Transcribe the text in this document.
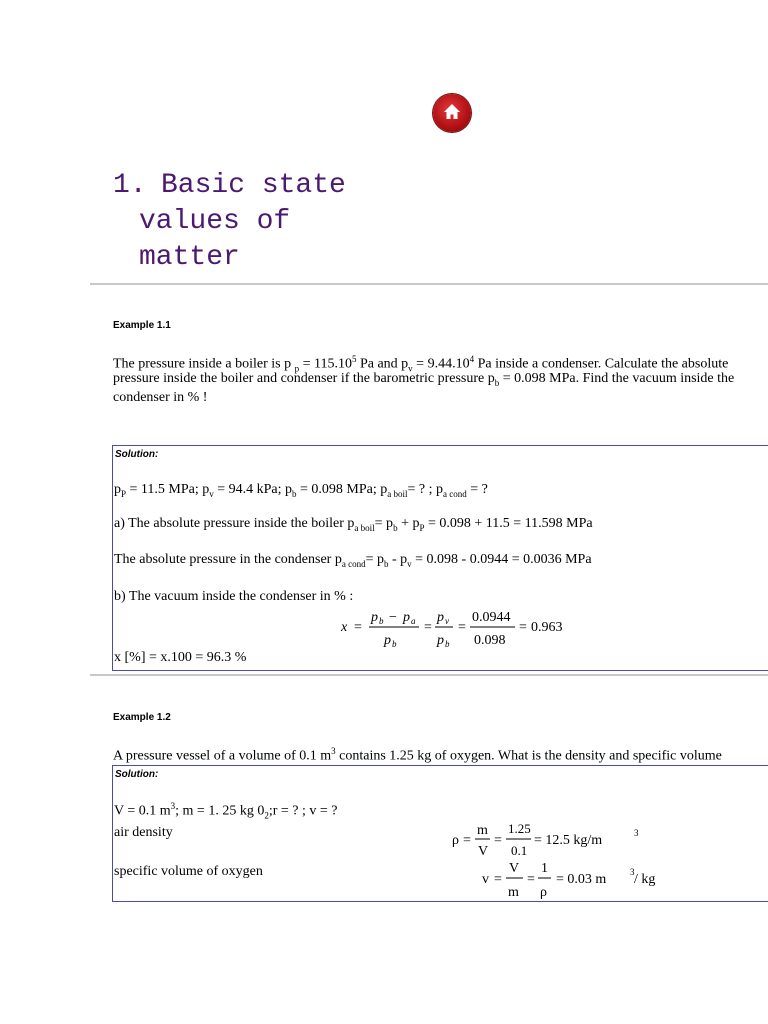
1. Basic state
values of
matter
Example 1.1
The pressure inside a boiler is p $_p = 115.10^5$ Pa and $p_v = 9.44.10^4$ Pa inside a condenser. Calculate the absolute
pressure inside the boiler and condenser if the barometric pressure $p_b = 0.098$ MPa. Find the vacuum inside the
condenser in % !
Solution:
$p_P = 11.5$ MPa; $p_v = 94.4$ kPa; $p_b = 0.098$ MPa; $p_{a boil}=$ ? ; $p_{a cond}$ = ?
a) The absolute pressure inside the boiler $p_{a boil}= p_b + p_P = 0.098 + 11.5 = 11.598$ MPa
The absolute pressure in the condenser $p_{a cond}= p_b - p_v = 0.098 - 0.0944 = 0.0036$ MPa
b) The vacuum inside the condenser in % :
x =
p b − p a
p b
=
p v
p b
=
0.0944
0.098
= 0.963
x [%] = x.100 = 96.3 %
Example 1.2
A pressure vessel of a volume of 0.1 $m^3$ contains 1.25 kg of oxygen. What is the density and specific volume
Solution:
V = 0.1 $m^3$; m = 1. 25 kg $0_2;r$ = ? ; v = ?
air density
specific volume of oxygen
ρ =
m
V
=
1.25
0.1
= 12.5 kg/m	3
v =
V
m
=
1
ρ
= 0.03 m	3 / kg
